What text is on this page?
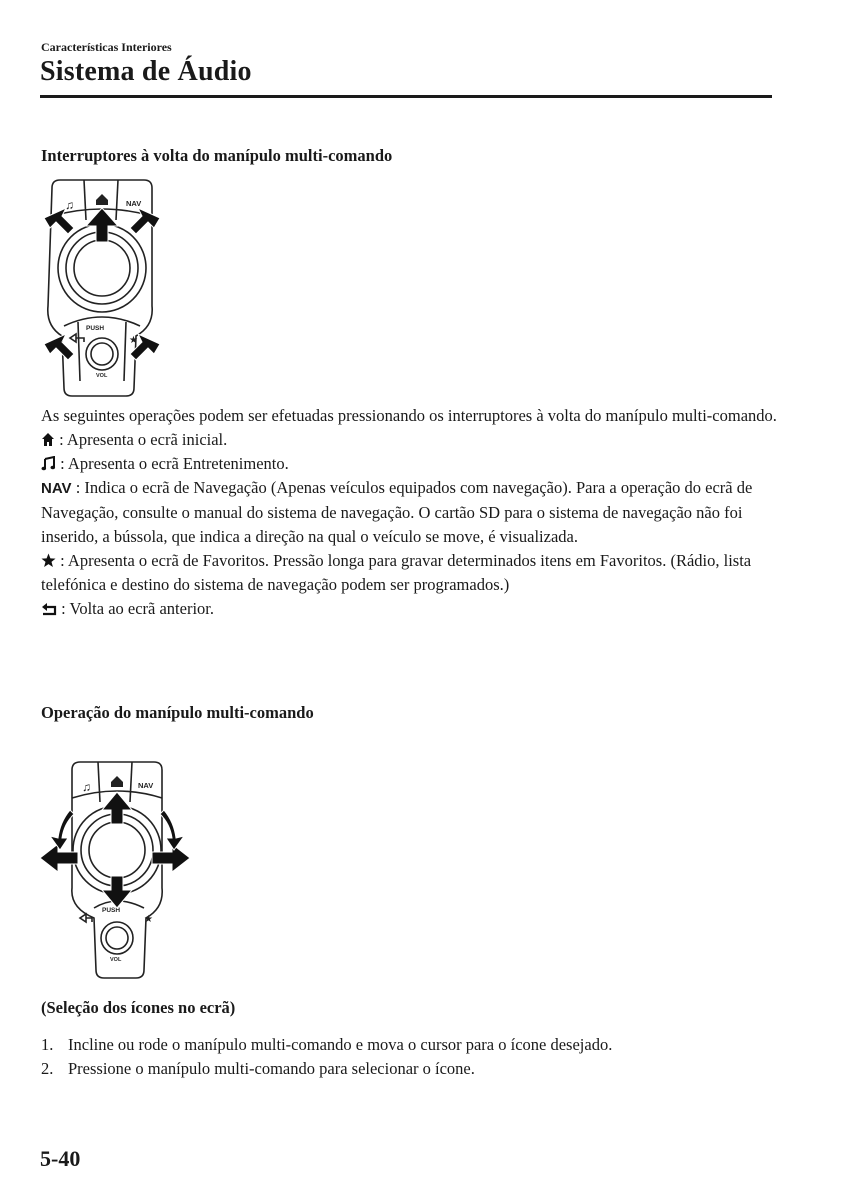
Características Interiores
Sistema de Áudio
Interruptores à volta do manípulo multi-comando
♫	NAV
PUSH
VOL
★

As seguintes operações podem ser efetuadas pressionando os interruptores à volta do manípulo multi-comando.

: Apresenta o ecrã inicial.

: Apresenta o ecrã Entretenimento.

NAV : Indica o ecrã de Navegação (Apenas veículos equipados com navegação). Para a operação do ecrã de Navegação, consulte o manual do sistema de navegação. O cartão SD para o sistema de navegação não foi inserido, a bússola, que indica a direção na qual o veículo se move, é visualizada.

: Apresenta o ecrã de Favoritos. Pressão longa para gravar determinados itens em Favoritos. (Rádio, lista telefónica e destino do sistema de navegação podem ser programados.)

: Volta ao ecrã anterior.

Operação do manípulo multi-comando
♫	NAV
PUSH
VOL
★
(Seleção dos ícones no ecrã)
1. Incline ou rode o manípulo multi-comando e mova o cursor para o ícone desejado.
2. Pressione o manípulo multi-comando para selecionar o ícone.
5-40
